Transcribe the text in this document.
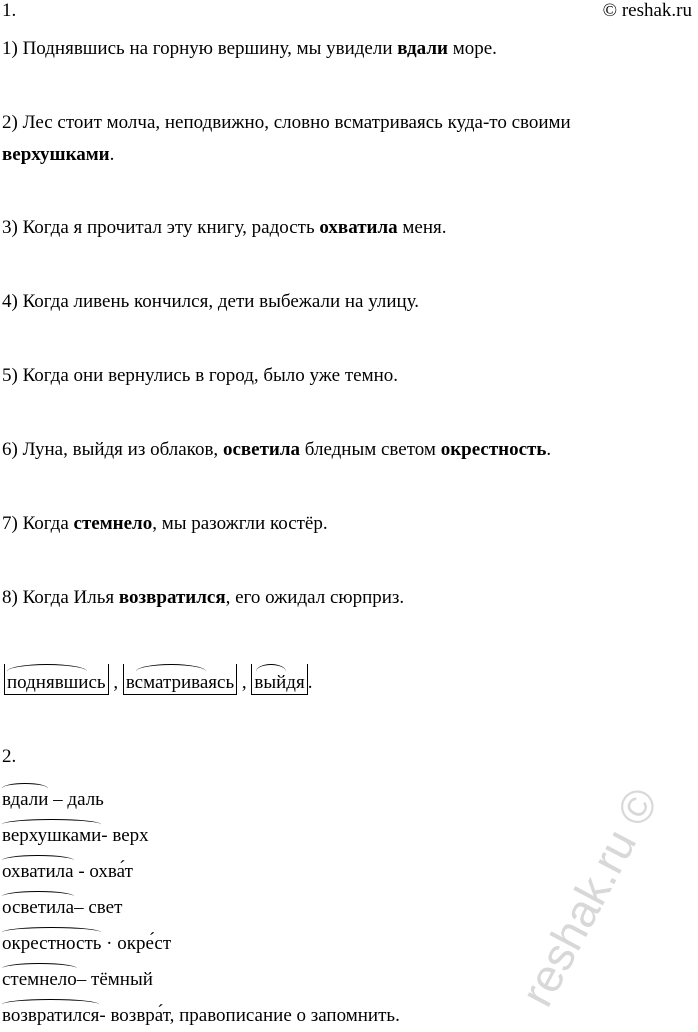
1.	© reshak.ru
1) Поднявшись на горную вершину, мы увидели вдали море.
2) Лес стоит молча, неподвижно, словно всматриваясь куда-то своими
верхушками.
3) Когда я прочитал эту книгу, радость охватила меня.
4) Когда ливень кончился, дети выбежали на улицу.
5) Когда они вернулись в город, было уже темно.
6) Луна, выйдя из облаков, осветила бледным светом окрестность.
7) Когда стемнело, мы разожгли костёр.
8) Когда Илья возвратился, его ожидал сюрприз.
поднявшись , всматриваясь , выйдя .
2.
вдали – даль
верхушками- верх
охватила - охва́т
осветила– свет
окрестность · окре́ст
стемнело– тёмный
возвратился- возвра́т, правописание о запомнить.
reshak.ru ©
